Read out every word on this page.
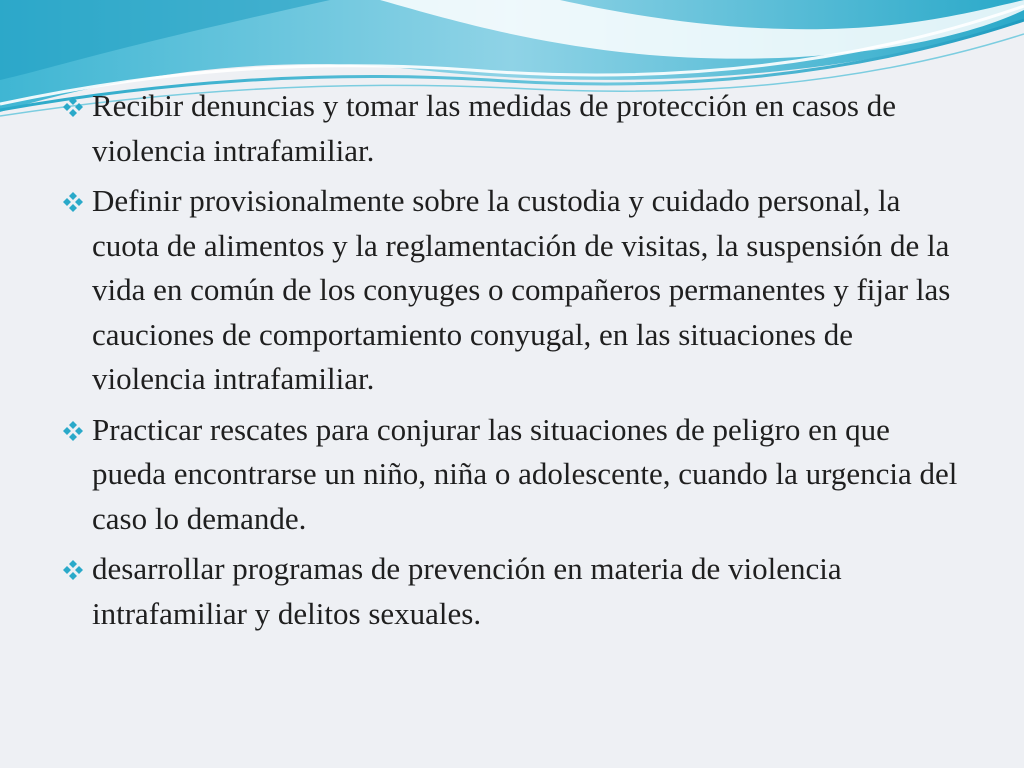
Recibir denuncias y tomar las medidas de protección en casos de violencia intrafamiliar.
Definir provisionalmente sobre la custodia y cuidado personal, la cuota de alimentos y la reglamentación de visitas, la suspensión de la vida en común de los conyuges o compañeros permanentes y fijar las cauciones de comportamiento conyugal, en las situaciones de violencia intrafamiliar.
Practicar rescates para conjurar las situaciones de peligro en que pueda encontrarse un niño, niña o adolescente, cuando la urgencia del caso lo demande.
desarrollar programas de prevención en materia de violencia intrafamiliar y delitos sexuales.
